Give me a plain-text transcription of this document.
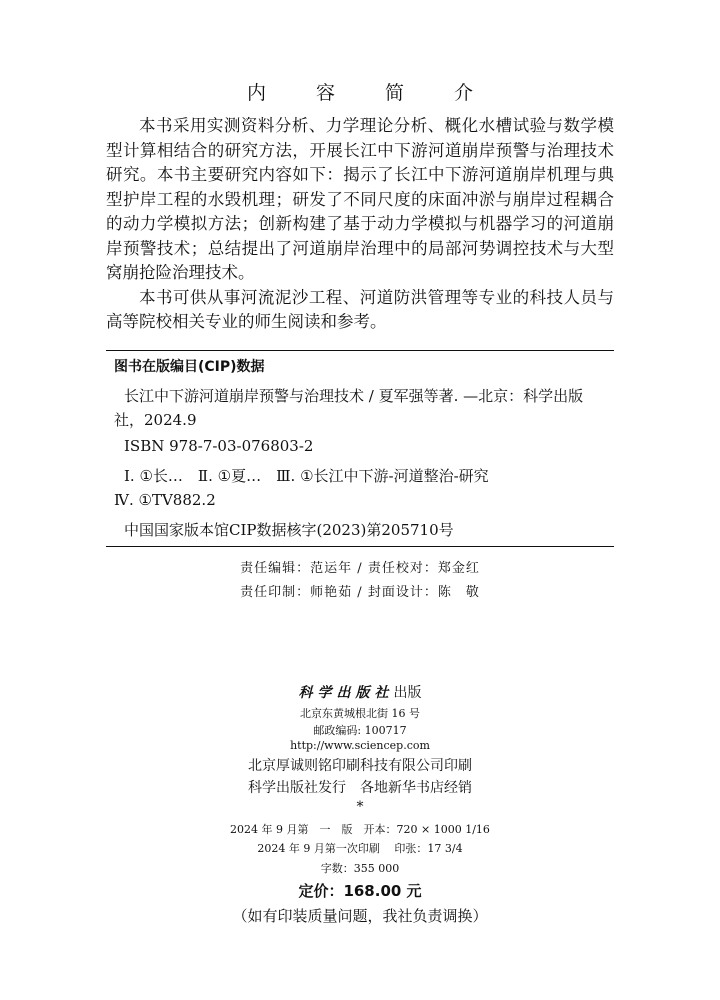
内 容 简 介

本书采用实测资料分析、力学理论分析、概化水槽试验与数学模型计算相结合的研究方法，开展长江中下游河道崩岸预警与治理技术研究。本书主要研究内容如下：揭示了长江中下游河道崩岸机理与典型护岸工程的水毁机理；研发了不同尺度的床面冲淤与崩岸过程耦合的动力学模拟方法；创新构建了基于动力学模拟与机器学习的河道崩岸预警技术；总结提出了河道崩岸治理中的局部河势调控技术与大型窝崩抢险治理技术。

本书可供从事河流泥沙工程、河道防洪管理等专业的科技人员与高等院校相关专业的师生阅读和参考。

图书在版编目(CIP)数据
长江中下游河道崩岸预警与治理技术 / 夏军强等著. —北京：科学出版
社，2024.9
ISBN 978-7-03-076803-2
Ⅰ. ①长…　Ⅱ. ①夏…　Ⅲ. ①长江中下游-河道整治-研究
Ⅳ. ①TV882.2
中国国家版本馆CIP数据核字(2023)第205710号
责任编辑：范运年 / 责任校对：郑金红
责任印制：师艳茹 / 封面设计：陈　敬
科学出版社出版
北京东黄城根北街 16 号
邮政编码: 100717
http://www.sciencep.com
北京厚诚则铭印刷科技有限公司印刷
科学出版社发行　各地新华书店经销
*
2024 年 9 月第　一　版　开本：720 × 1000 1/16
2024 年 9 月第一次印刷　 印张：17 3/4
字数：355 000
定价：168.00 元
（如有印装质量问题，我社负责调换）
